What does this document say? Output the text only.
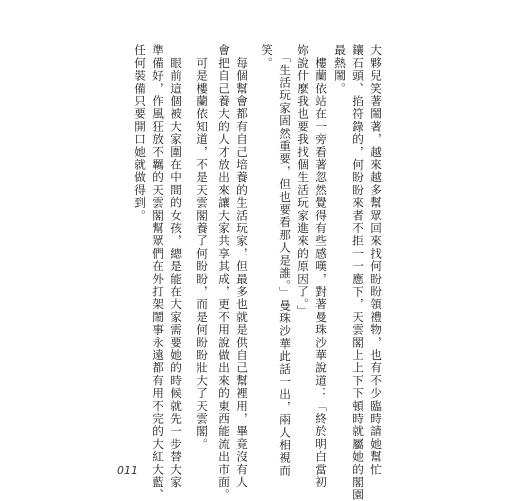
大夥兒笑著鬧著，越來越多幫眾回來找何盼盼領禮物，也有不少臨時請她幫忙
鑲石頭、掐符錄的，何盼盼來者不拒一一應下，天雲閣上上下下頓時就屬她的閣園
最熱鬧。
　樓蘭依站在一旁看著忽然覺得有些感嘆，對著曼珠沙華說道：「終於明白當初
妳說什麼我也要我找個生活玩家進來的原因了。」
　「生活玩家固然重要，但也要看那人是誰。」曼珠沙華此話一出，兩人相視而
笑。
　每個幫會都有自己培養的生活玩家，但最多也就是供自己幫裡用，畢竟沒有人
會把自己養大的人才放出來讓大家共享其成，更不用說做出來的東西能流出市面。
　可是樓蘭依知道，不是天雲閣養了何盼盼，而是何盼盼壯大了天雲閣。
　眼前這個被大家圍在中間的女孩，總是能在大家需要她的時候就先一步替大家
準備好，作風狂放不羈的天雲閣幫眾們在外打架鬧事永遠都有用不完的大紅大藍、
任何裝備只要開口她就做得到。
011
